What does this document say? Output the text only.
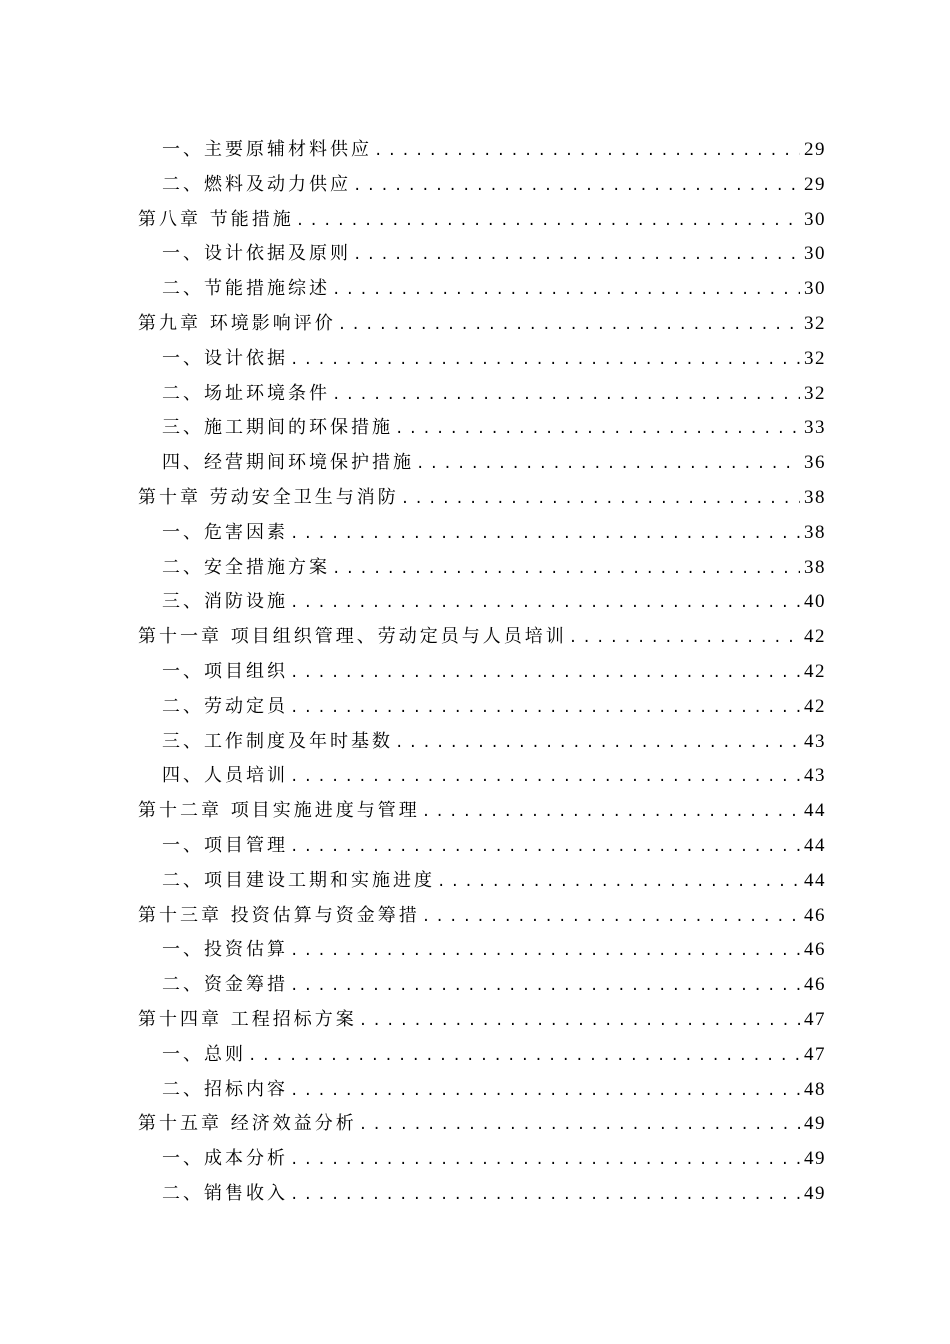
一、主要原辅材料供应 .....	29
二、燃料及动力供应 .....	29
第八章 节能措施 .....	30
一、设计依据及原则 .....	30
二、节能措施综述 .....	30
第九章 环境影响评价 .....	32
一、设计依据 .....	32
二、场址环境条件 .....	32
三、施工期间的环保措施 .....	33
四、经营期间环境保护措施 .....	36
第十章 劳动安全卫生与消防 .....	38
一、危害因素 .....	38
二、安全措施方案 .....	38
三、消防设施 .....	40
第十一章 项目组织管理、劳动定员与人员培训 .....	42
一、项目组织 .....	42
二、劳动定员 .....	42
三、工作制度及年时基数 .....	43
四、人员培训 .....	43
第十二章 项目实施进度与管理 .....	44
一、项目管理 .....	44
二、项目建设工期和实施进度 .....	44
第十三章 投资估算与资金筹措 .....	46
一、投资估算 .....	46
二、资金筹措 .....	46
第十四章 工程招标方案 .....	47
一、总则 .....	47
二、招标内容 .....	48
第十五章 经济效益分析 .....	49
一、成本分析 .....	49
二、销售收入 .....	49
